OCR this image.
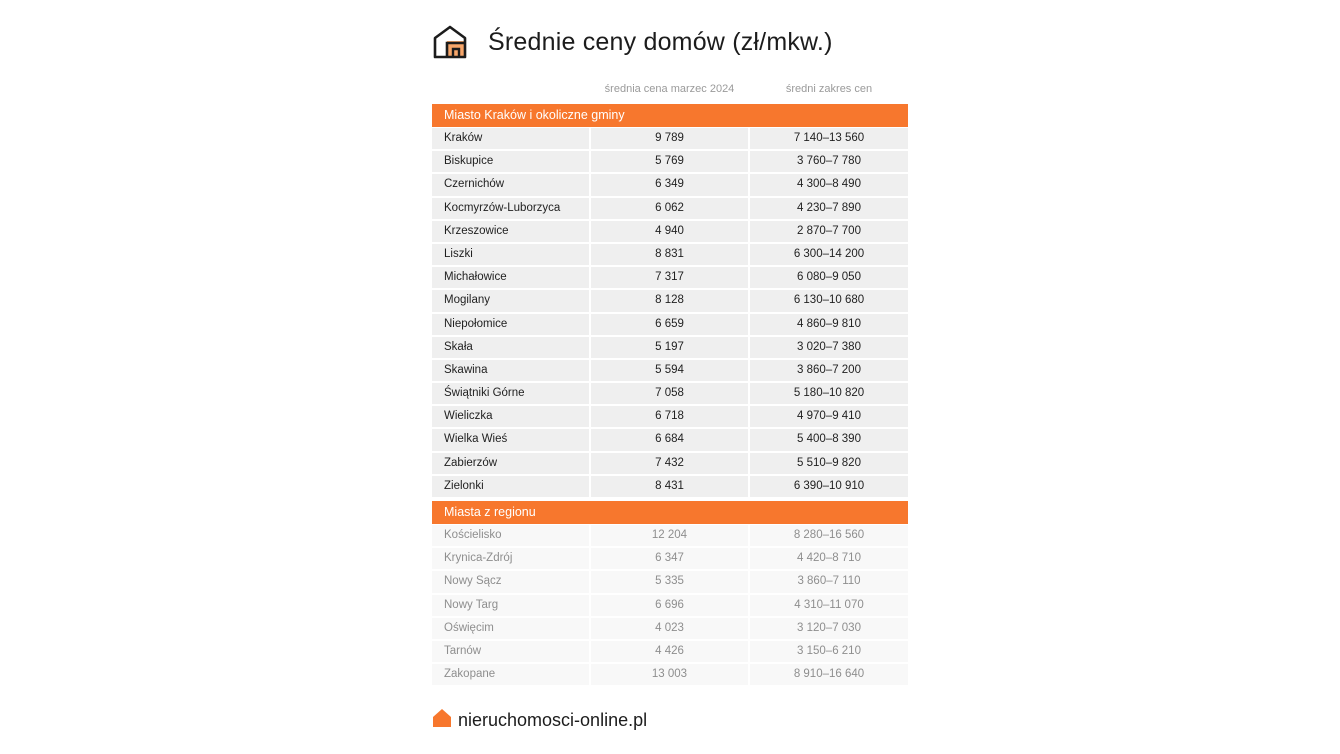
Średnie ceny domów (zł/mkw.)
średnia cena marzec 2024	średni zakres cen
Miasto Kraków i okoliczne gminy
Kraków	9 789	7 140–13 560
Biskupice	5 769	3 760–7 780
Czernichów	6 349	4 300–8 490
Kocmyrzów-Luborzyca	6 062	4 230–7 890
Krzeszowice	4 940	2 870–7 700
Liszki	8 831	6 300–14 200
Michałowice	7 317	6 080–9 050
Mogilany	8 128	6 130–10 680
Niepołomice	6 659	4 860–9 810
Skała	5 197	3 020–7 380
Skawina	5 594	3 860–7 200
Świątniki Górne	7 058	5 180–10 820
Wieliczka	6 718	4 970–9 410
Wielka Wieś	6 684	5 400–8 390
Zabierzów	7 432	5 510–9 820
Zielonki	8 431	6 390–10 910
Miasta z regionu
Kościelisko	12 204	8 280–16 560
Krynica-Zdrój	6 347	4 420–8 710
Nowy Sącz	5 335	3 860–7 110
Nowy Targ	6 696	4 310–11 070
Oświęcim	4 023	3 120–7 030
Tarnów	4 426	3 150–6 210
Zakopane	13 003	8 910–16 640
nieruchomosci-online.pl
